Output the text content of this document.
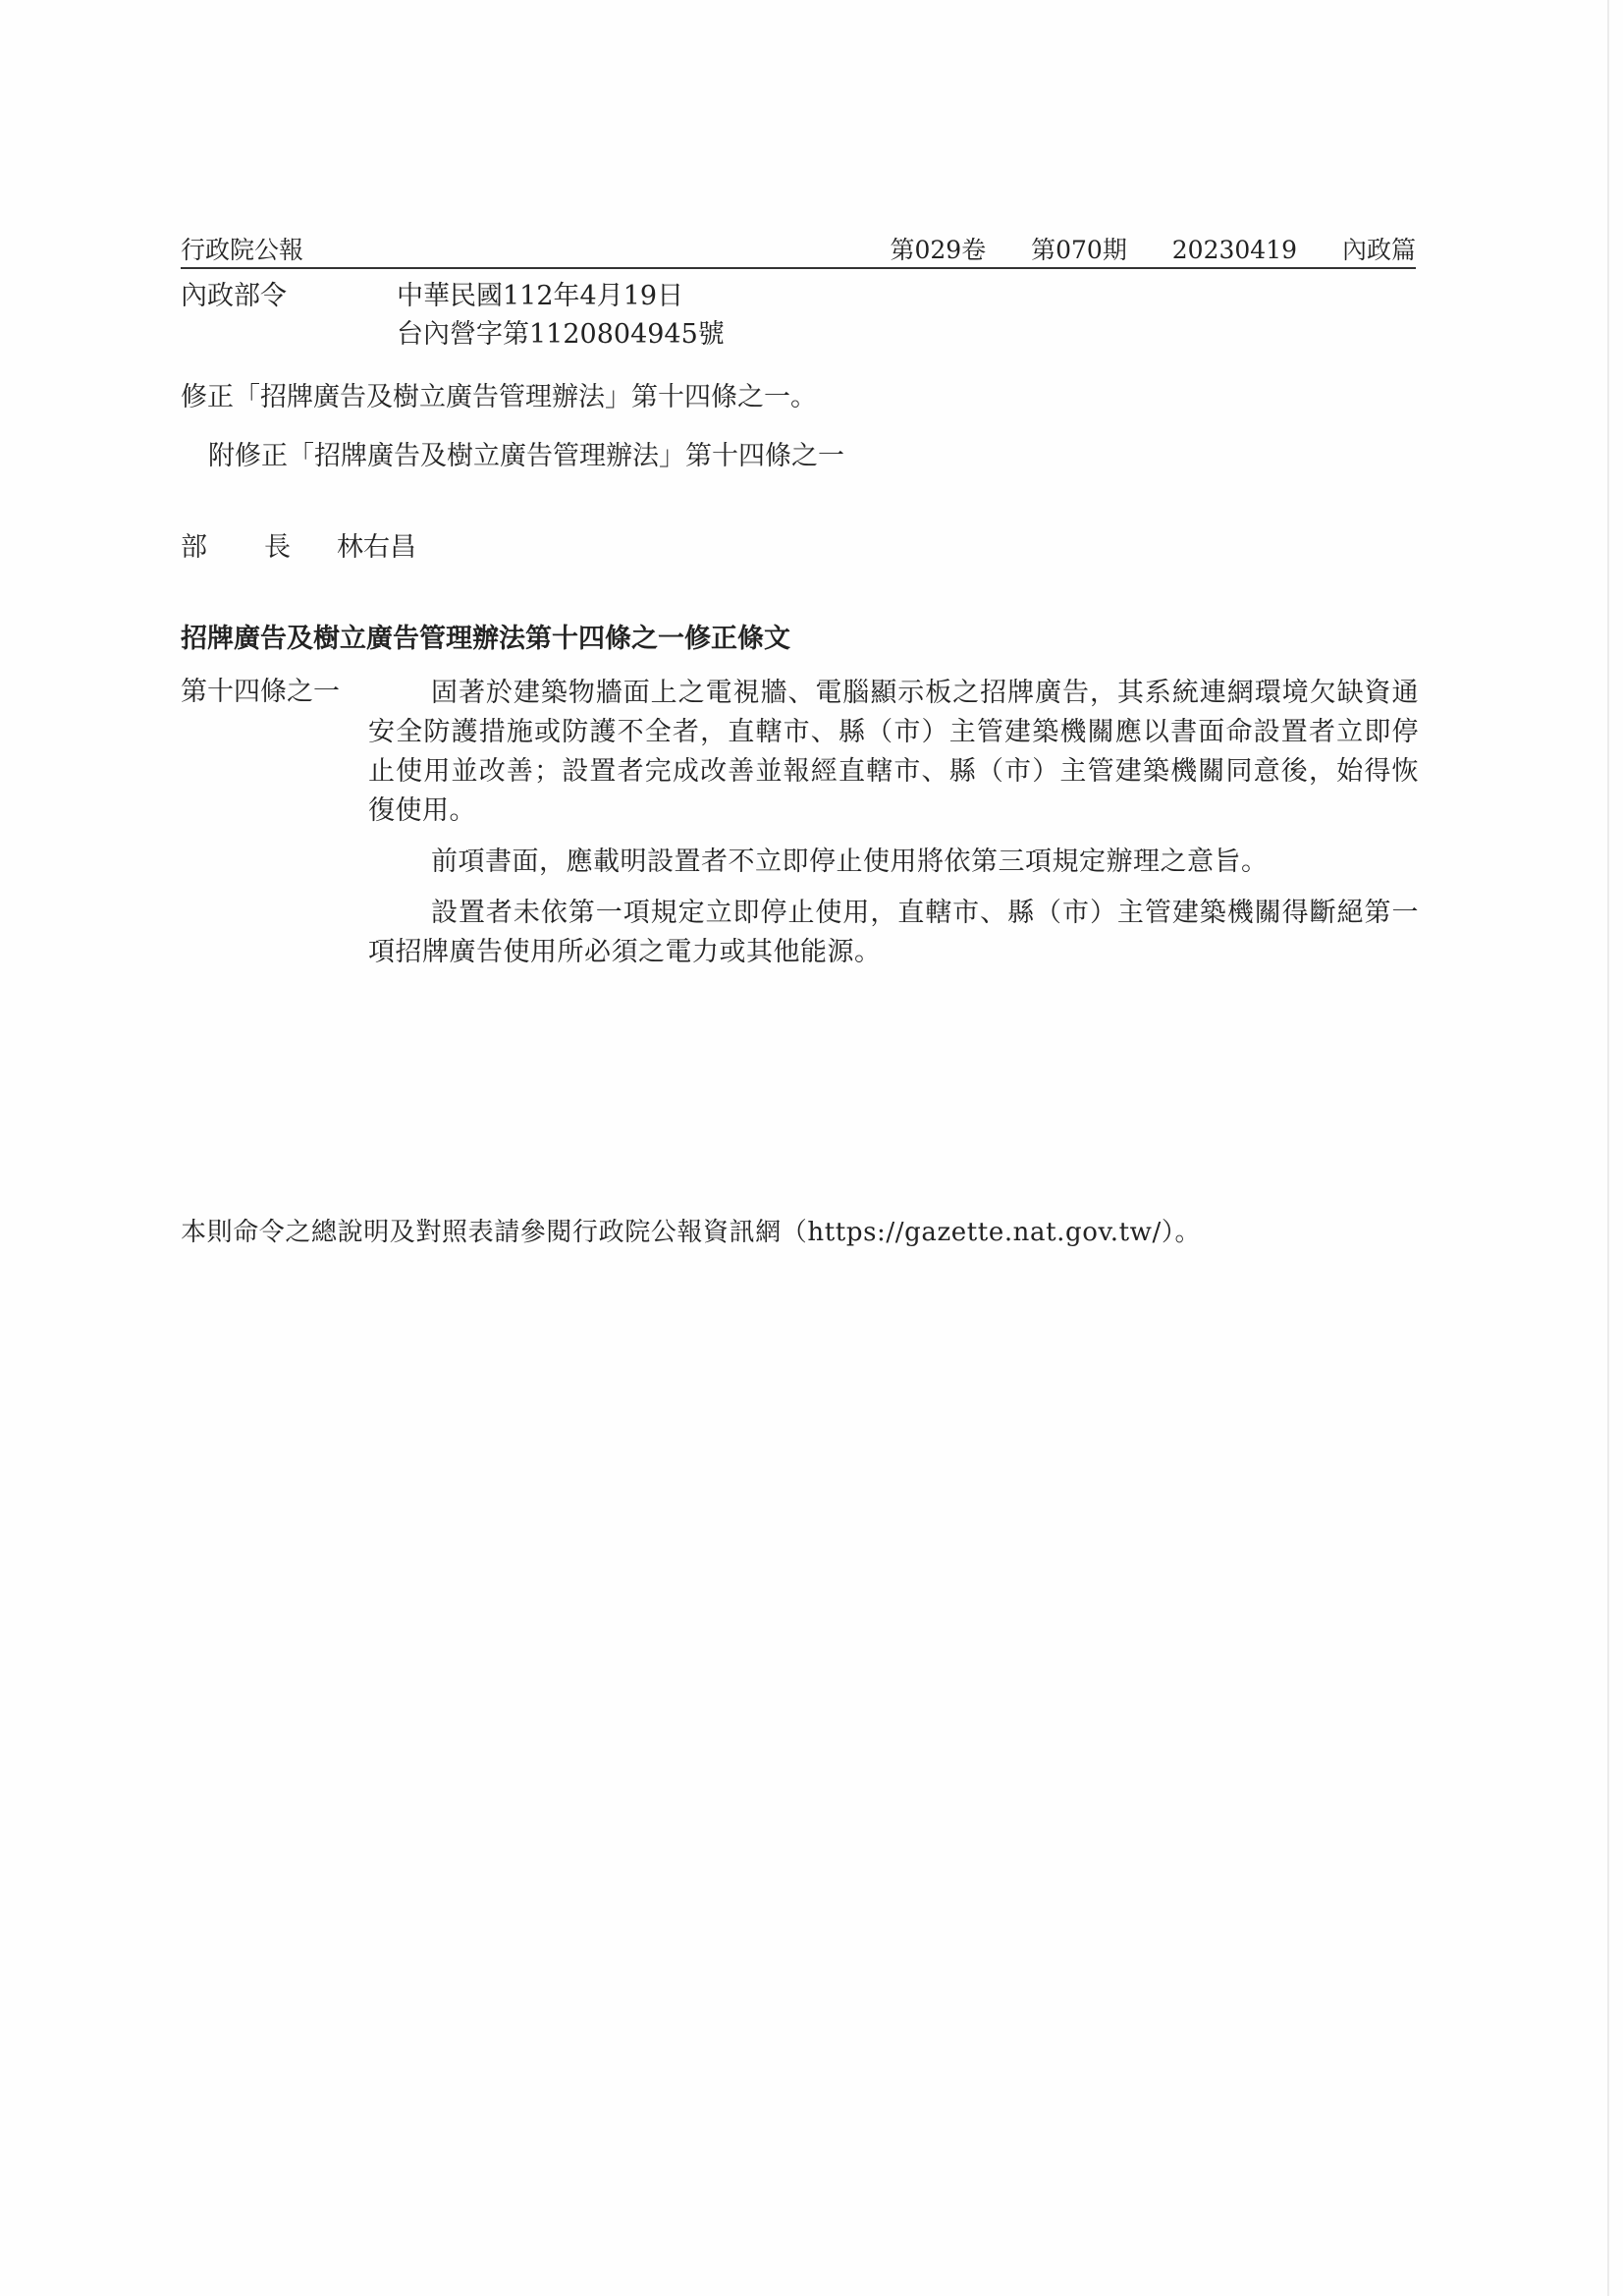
行政院公報	第029卷 第070期 20230419 內政篇
內政部令	中華民國112年4月19日
台內營字第1120804945號
修正「招牌廣告及樹立廣告管理辦法」第十四條之一。
附修正「招牌廣告及樹立廣告管理辦法」第十四條之一
部 長 林右昌
招牌廣告及樹立廣告管理辦法第十四條之一修正條文
第十四條之一	固著於建築物牆面上之電視牆、電腦顯示板之招牌廣告，其系統連網環境欠缺資通安全防護措施或防護不全者，直轄市、縣（市）主管建築機關應以書面命設置者立即停止使用並改善；設置者完成改善並報經直轄市、縣（市）主管建築機關同意後，始得恢復使用。

前項書面，應載明設置者不立即停止使用將依第三項規定辦理之意旨。

設置者未依第一項規定立即停止使用，直轄市、縣（市）主管建築機關得斷絕第一項招牌廣告使用所必須之電力或其他能源。

本則命令之總說明及對照表請參閱行政院公報資訊網（https://gazette.nat.gov.tw/）。
